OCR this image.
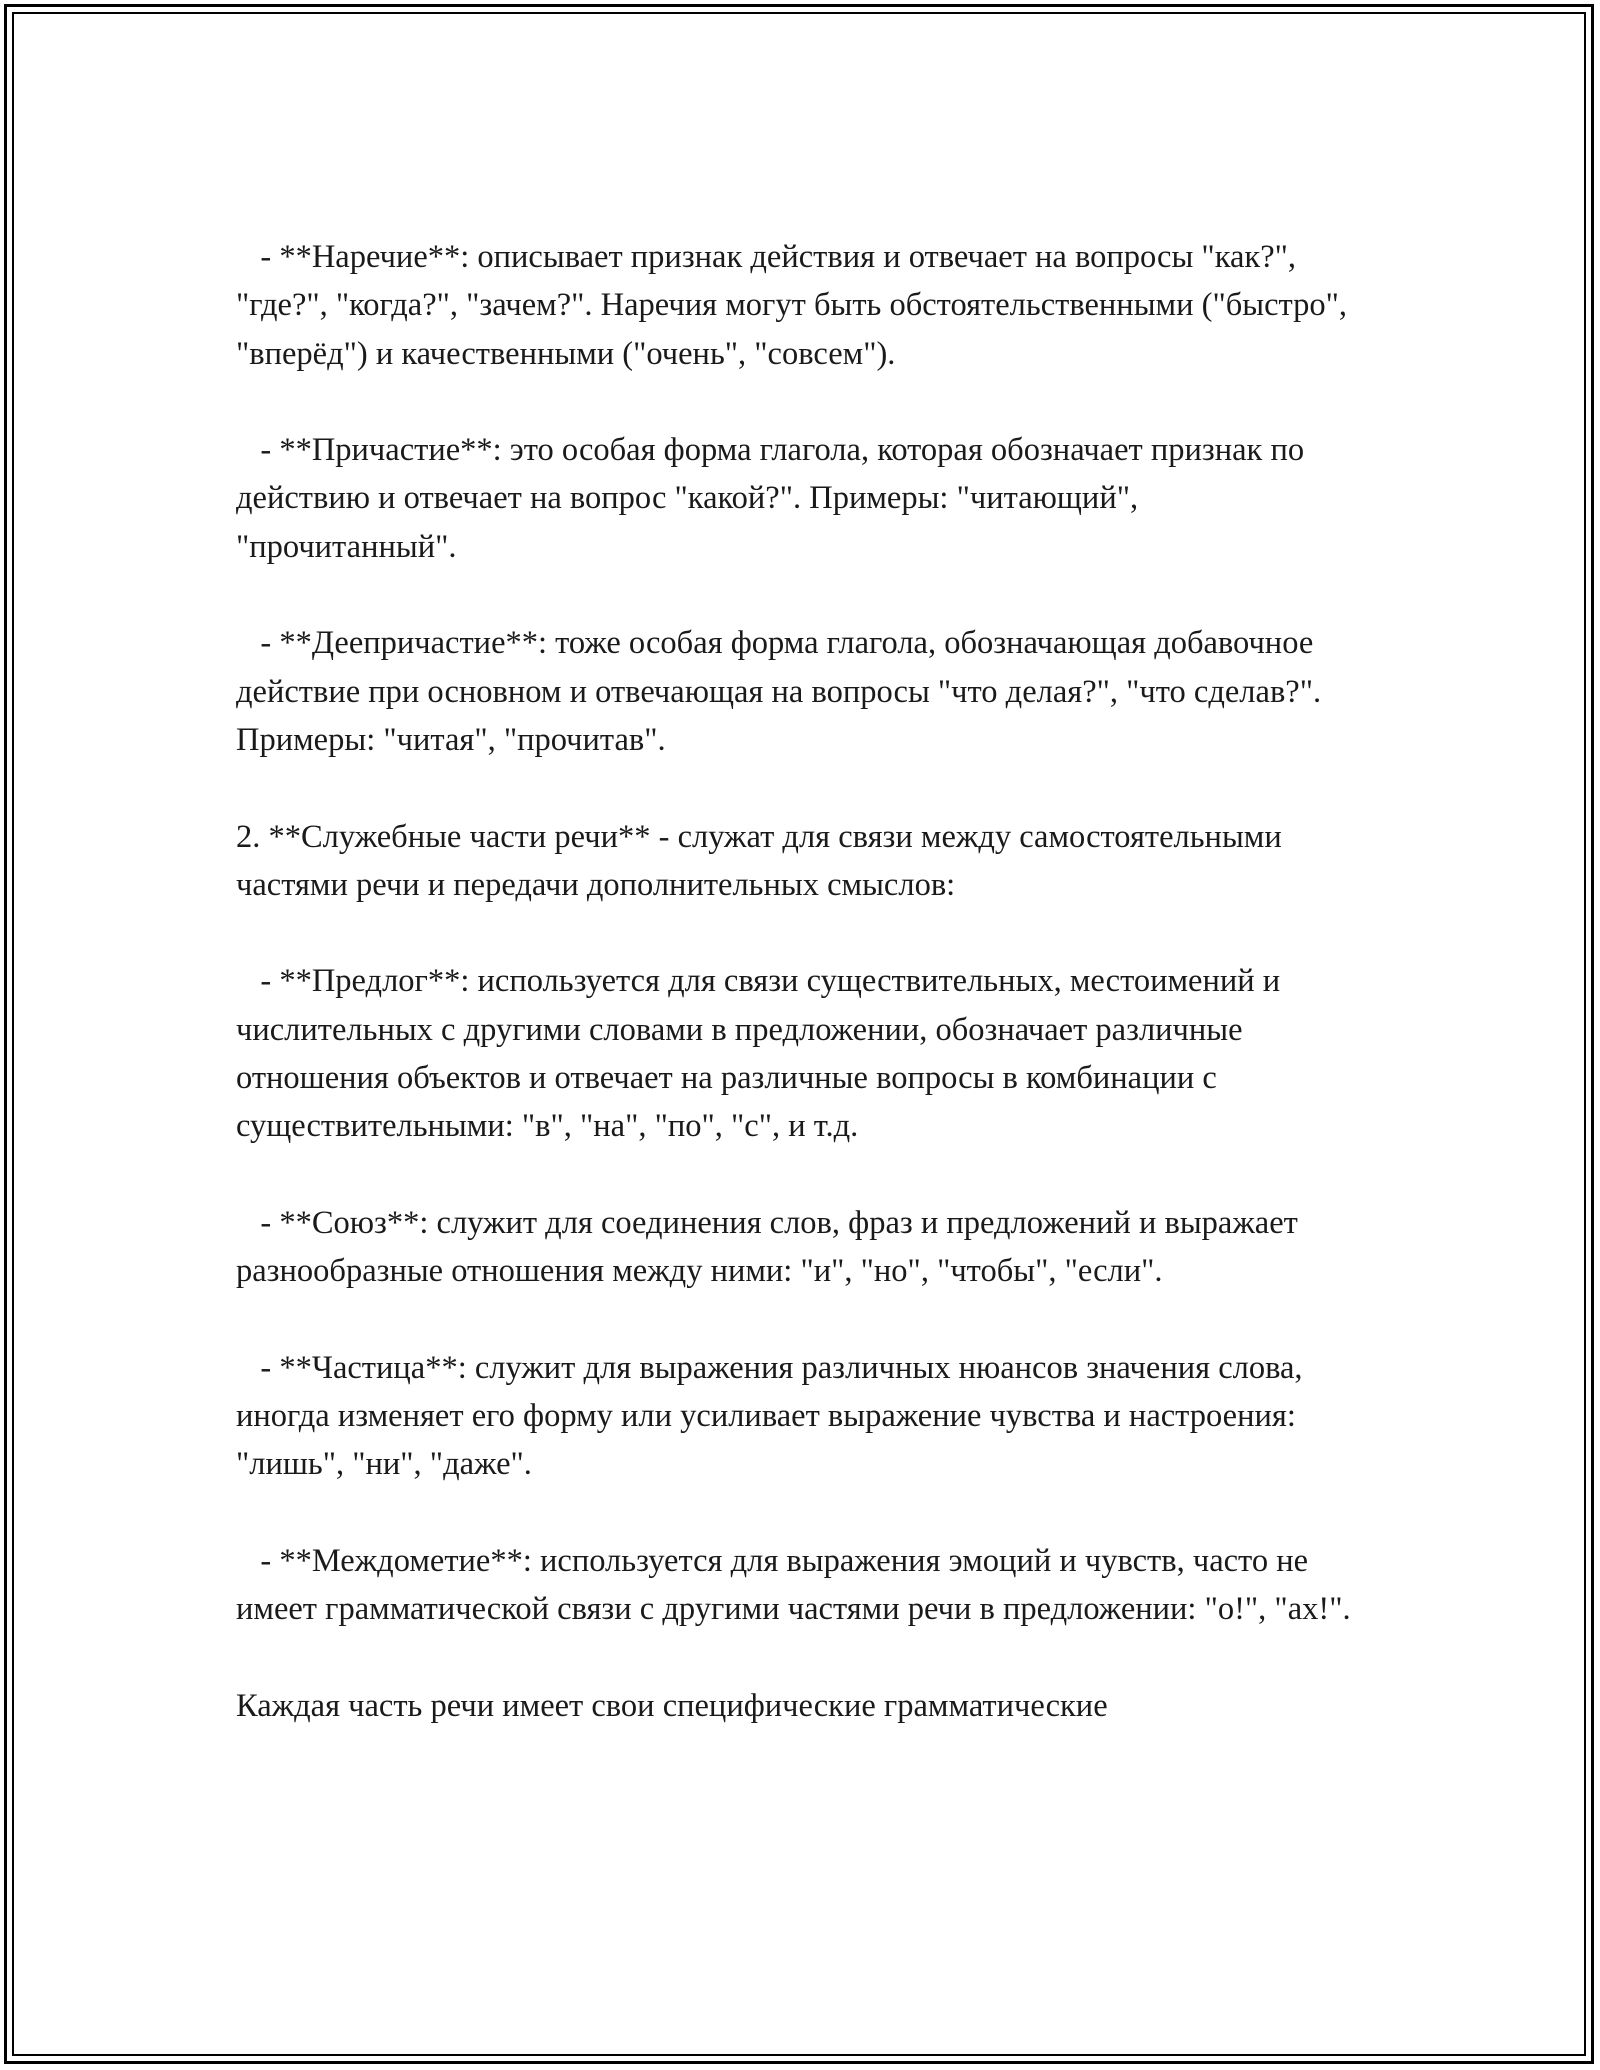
- **Наречие**: описывает признак действия и отвечает на вопросы "как?", "где?", "когда?", "зачем?". Наречия могут быть обстоятельственными ("быстро", "вперёд") и качественными ("очень", "совсем").

- **Причастие**: это особая форма глагола, которая обозначает признак по действию и отвечает на вопрос "какой?". Примеры: "читающий", "прочитанный".

- **Деепричастие**: тоже особая форма глагола, обозначающая добавочное действие при основном и отвечающая на вопросы "что делая?", "что сделав?". Примеры: "читая", "прочитав".

2. **Служебные части речи** - служат для связи между самостоятельными частями речи и передачи дополнительных смыслов:

- **Предлог**: используется для связи существительных, местоимений и числительных с другими словами в предложении, обозначает различные отношения объектов и отвечает на различные вопросы в комбинации с существительными: "в", "на", "по", "с", и т.д.

- **Союз**: служит для соединения слов, фраз и предложений и выражает разнообразные отношения между ними: "и", "но", "чтобы", "если".

- **Частица**: служит для выражения различных нюансов значения слова, иногда изменяет его форму или усиливает выражение чувства и настроения: "лишь", "ни", "даже".

- **Междометие**: используется для выражения эмоций и чувств, часто не имеет грамматической связи с другими частями речи в предложении: "о!", "ах!".

Каждая часть речи имеет свои специфические грамматические
